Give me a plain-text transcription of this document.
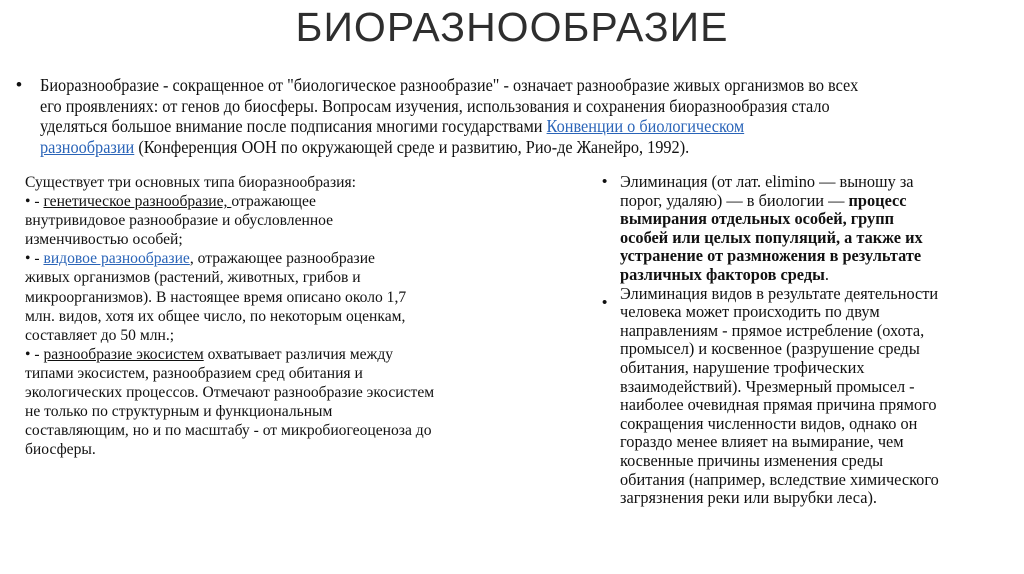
БИОРАЗНООБРАЗИЕ
• Биоразнообразие - сокращенное от "биологическое разнообразие" - означает разнообразие живых организмов во всех
его проявлениях: от генов до биосферы. Вопросам изучения, использования и сохранения биоразнообразия стало
уделяться большое внимание после подписания многими государствами Конвенции о биологическом
разнообразии (Конференция ООН по окружающей среде и развитию, Рио-де Жанейро, 1992).
Существует три основных типа биоразнообразия:
• - генетическое разнообразие, отражающее
внутривидовое разнообразие и обусловленное
изменчивостью особей;
• - видовое разнообразие, отражающее разнообразие
живых организмов (растений, животных, грибов и
микроорганизмов). В настоящее время описано около 1,7
млн. видов, хотя их общее число, по некоторым оценкам,
составляет до 50 млн.;
• - разнообразие экосистем охватывает различия между
типами экосистем, разнообразием сред обитания и
экологических процессов. Отмечают разнообразие экосистем
не только по структурным и функциональным
составляющим, но и по масштабу - от микробиогеоценоза до
биосферы.
•
•
Элиминация (от лат. elimino — выношу за
порог, удаляю) — в биологии — процесс
вымирания отдельных особей, групп
особей или целых популяций, а также их
устранение от размножения в результате
различных факторов среды.
Элиминация видов в результате деятельности
человека может происходить по двум
направлениям - прямое истребление (охота,
промысел) и косвенное (разрушение среды
обитания, нарушение трофических
взаимодействий). Чрезмерный промысел -
наиболее очевидная прямая причина прямого
сокращения численности видов, однако он
гораздо менее влияет на вымирание, чем
косвенные причины изменения среды
обитания (например, вследствие химического
загрязнения реки или вырубки леса).
